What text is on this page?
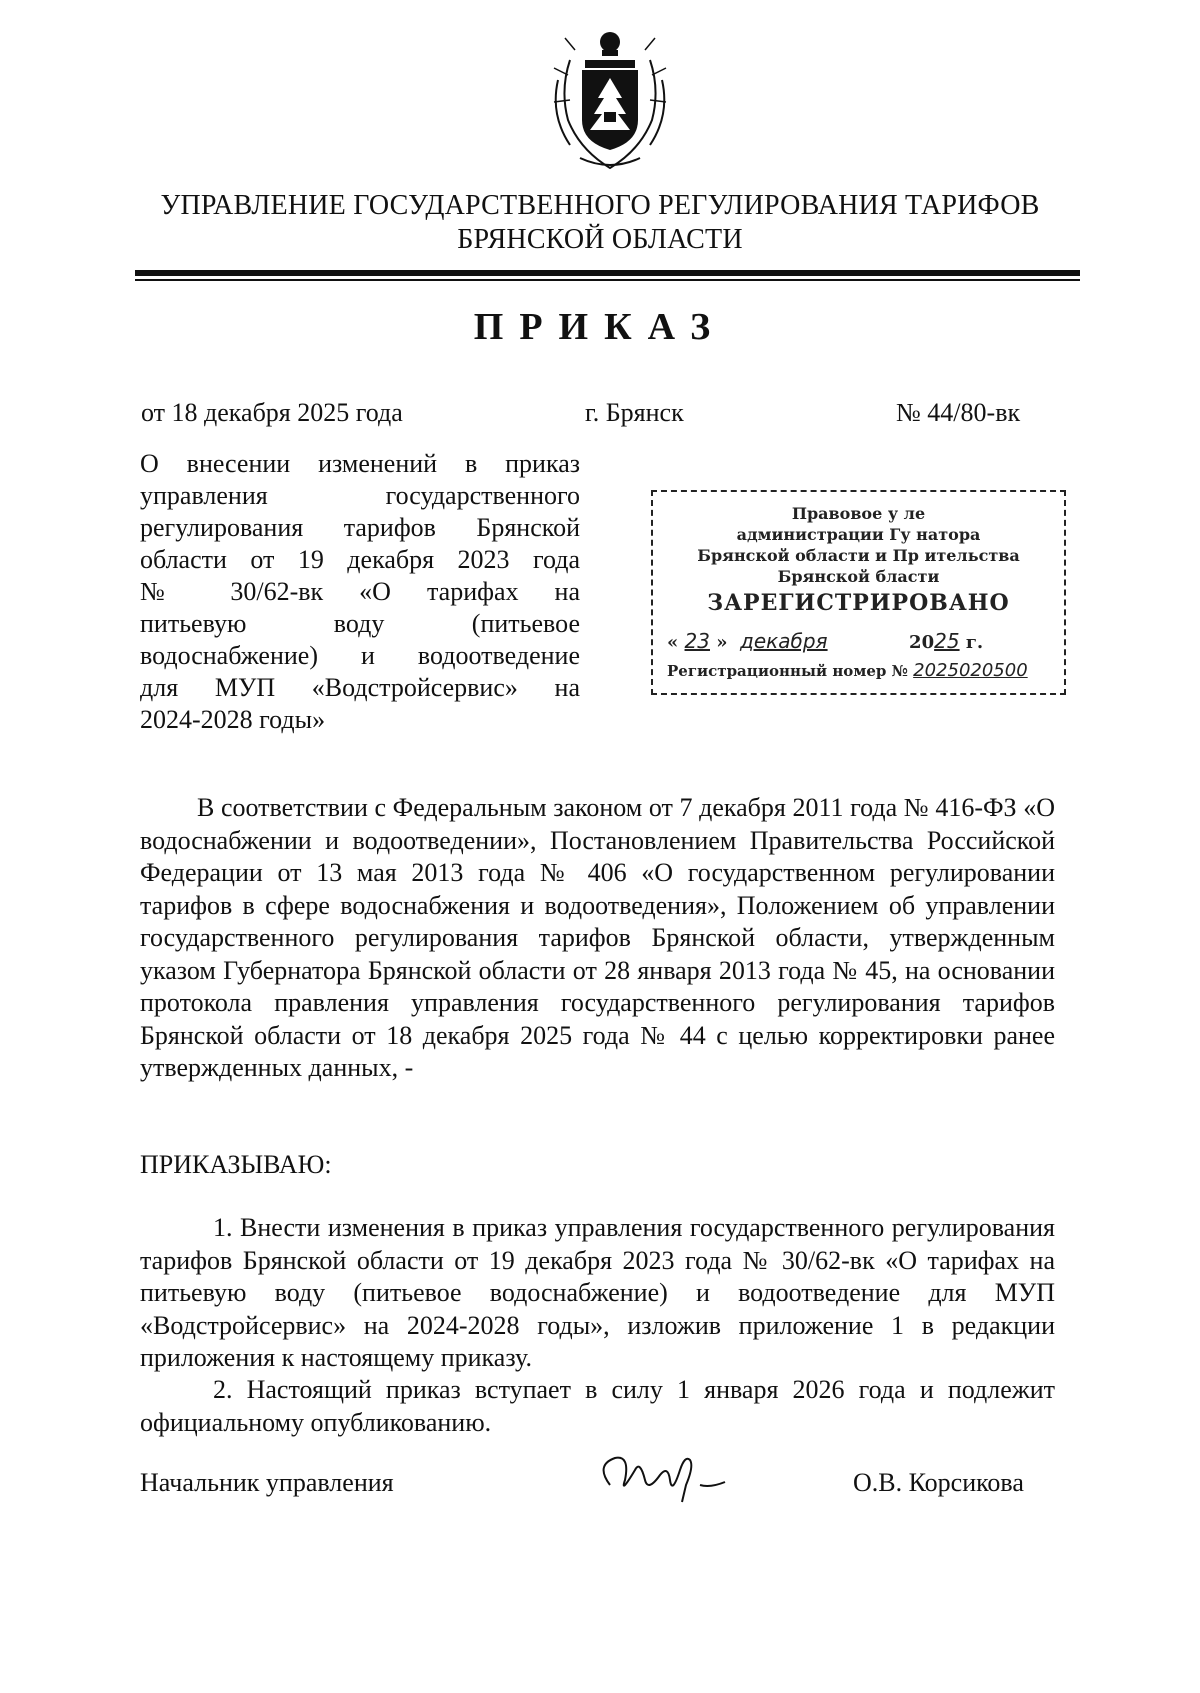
УПРАВЛЕНИЕ ГОСУДАРСТВЕННОГО РЕГУЛИРОВАНИЯ ТАРИФОВ
БРЯНСКОЙ ОБЛАСТИ
ПРИКАЗ
от 18 декабря 2025 года	г. Брянск	№ 44/80-вк
О внесении изменений в приказ
управления государственного
регулирования тарифов Брянской
области от 19 декабря 2023 года
№ 30/62-вк «О тарифах на
питьевую воду (питьевое
водоснабжение) и водоотведение
для МУП «Водстройсервис» на
2024-2028 годы»
Правовое у ле
администрации Гу натора
Брянской области и Пр ительства
Брянской бласти
ЗАРЕГИСТРИРОВАНО
« 23 »  декабря	2025 г.
Регистрационный номер № 2025020500
В соответствии с Федеральным законом от 7 декабря 2011 года № 416-ФЗ «О водоснабжении и водоотведении», Постановлением Правительства Российской Федерации от 13 мая 2013 года № 406 «О государственном регулировании тарифов в сфере водоснабжения и водоотведения», Положением об управлении государственного регулирования тарифов Брянской области, утвержденным указом Губернатора Брянской области от 28 января 2013 года № 45, на основании протокола правления управления государственного регулирования тарифов Брянской области от 18 декабря 2025 года № 44 с целью корректировки ранее утвержденных данных, -
ПРИКАЗЫВАЮ:
1. Внести изменения в приказ управления государственного регулирования тарифов Брянской области от 19 декабря 2023 года № 30/62-вк «О тарифах на питьевую воду (питьевое водоснабжение) и водоотведение для МУП «Водстройсервис» на 2024-2028 годы», изложив приложение 1 в редакции приложения к настоящему приказу.
2. Настоящий приказ вступает в силу 1 января 2026 года и подлежит официальному опубликованию.
Начальник управления	О.В. Корсикова
